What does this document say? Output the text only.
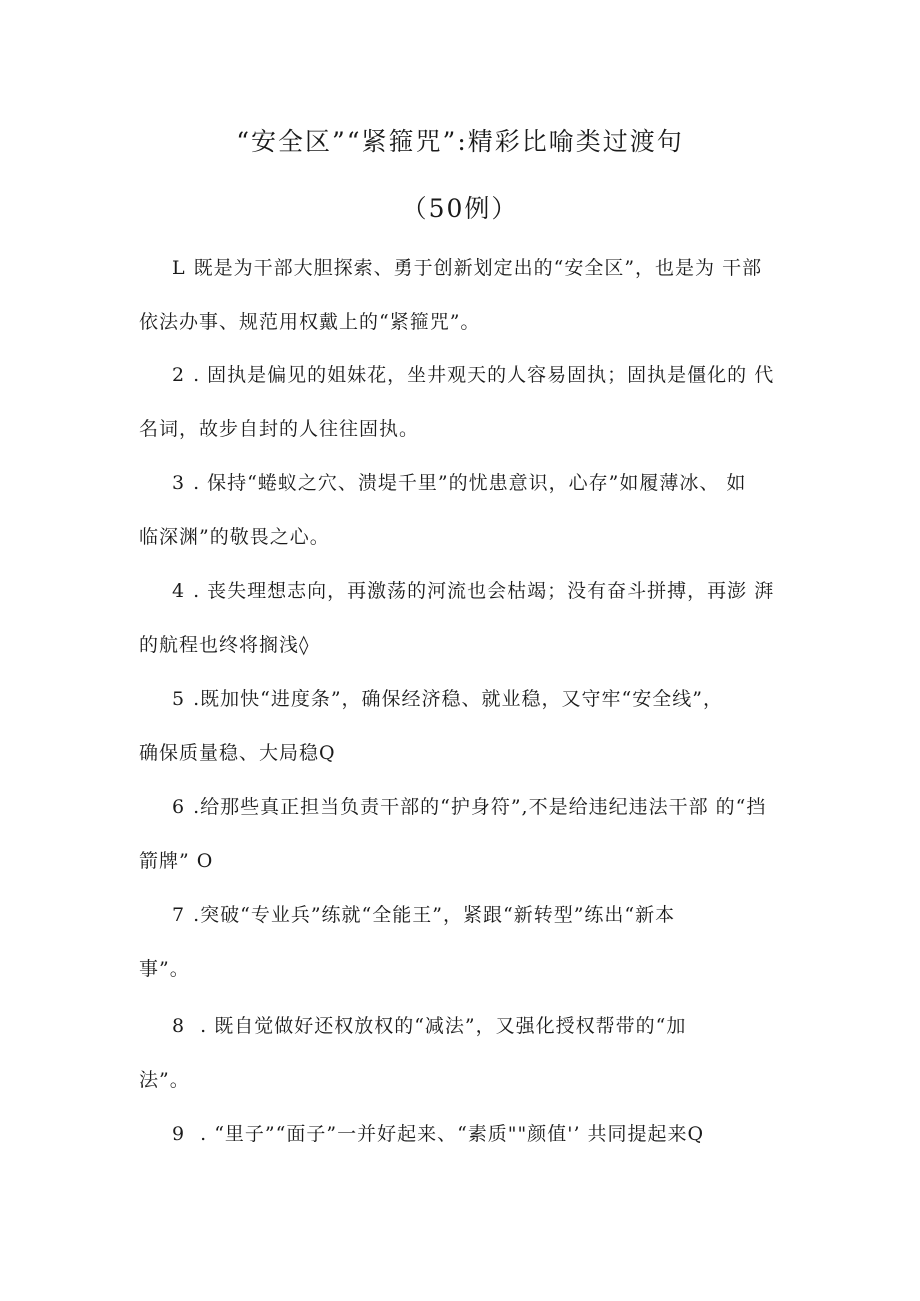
“安全区”“紧箍咒”:精彩比喻类过渡句
（50例）
L 既是为干部大胆探索、勇于创新划定出的“安全区”，也是为 干部
依法办事、规范用权戴上的“紧箍咒”。
2 . 固执是偏见的姐妹花，坐井观天的人容易固执；固执是僵化的 代
名词，故步自封的人往往固执。
3 . 保持“蜷蚁之穴、溃堤千里”的忧患意识，心存”如履薄冰、 如
临深渊”的敬畏之心。
4 . 丧失理想志向，再激荡的河流也会枯竭；没有奋斗拼搏，再澎 湃
的航程也终将搁浅◊
5 .既加快“进度条”，确保经济稳、就业稳，又守牢“安全线”，
确保质量稳、大局稳Q
6 .给那些真正担当负责干部的“护身符”,不是给违纪违法干部 的“挡
箭牌” O
7 .突破“专业兵”练就“全能王”，紧跟“新转型”练出“新本
事”。
8 . 既自觉做好还权放权的“减法”，又强化授权帮带的“加
法”。
9 . “里子”“面子”一并好起来、“素质""颜值'’ 共同提起来Q
